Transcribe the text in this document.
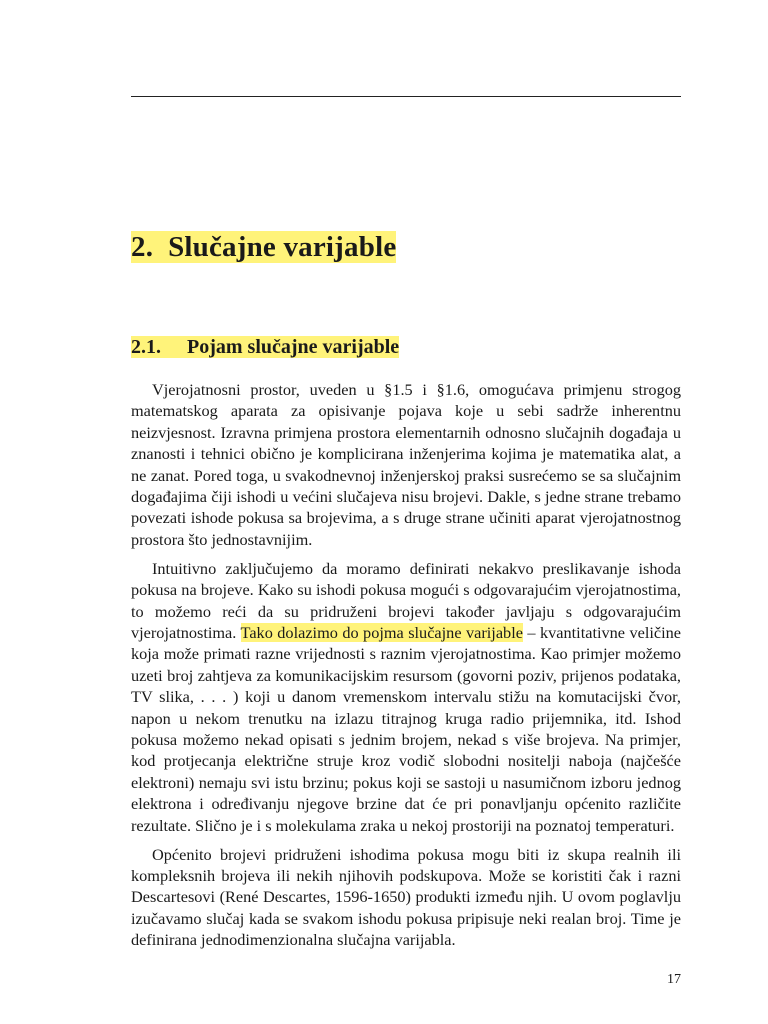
2. Slučajne varijable
2.1. Pojam slučajne varijable

Vjerojatnosni prostor, uveden u §1.5 i §1.6, omogućava primjenu strogog matematskog aparata za opisivanje pojava koje u sebi sadrže inherentnu neizvjesnost. Izravna primjena prostora elementarnih odnosno slučajnih događaja u znanosti i tehnici obično je komplicirana inženjerima kojima je matematika alat, a ne zanat. Pored toga, u svakodnevnoj inženjerskoj praksi susrećemo se sa slučajnim događajima čiji ishodi u većini slučajeva nisu brojevi. Dakle, s jedne strane trebamo povezati ishode pokusa sa brojevima, a s druge strane učiniti aparat vjerojatnostnog prostora što jednostavnijim.

Intuitivno zaključujemo da moramo definirati nekakvo preslikavanje ishoda pokusa na brojeve. Kako su ishodi pokusa mogući s odgovarajućim vjerojatnostima, to možemo reći da su pridruženi brojevi također javljaju s odgovarajućim vjerojatnostima. Tako dolazimo do pojma slučajne varijable – kvantitativne veličine koja može primati razne vrijednosti s raznim vjerojatnostima. Kao primjer možemo uzeti broj zahtjeva za komunikacijskim resursom (govorni poziv, prijenos podataka, TV slika, . . . ) koji u danom vremenskom intervalu stižu na komutacijski čvor, napon u nekom trenutku na izlazu titrajnog kruga radio prijemnika, itd. Ishod pokusa možemo nekad opisati s jednim brojem, nekad s više brojeva. Na primjer, kod protjecanja električne struje kroz vodič slobodni nositelji naboja (najčešće elektroni) nemaju svi istu brzinu; pokus koji se sastoji u nasumičnom izboru jednog elektrona i određivanju njegove brzine dat će pri ponavljanju općenito različite rezultate. Slično je i s molekulama zraka u nekoj prostoriji na poznatoj temperaturi.

Općenito brojevi pridruženi ishodima pokusa mogu biti iz skupa realnih ili kompleksnih brojeva ili nekih njihovih podskupova. Može se koristiti čak i razni Descartesovi (René Descartes, 1596-1650) produkti između njih. U ovom poglavlju izučavamo slučaj kada se svakom ishodu pokusa pripisuje neki realan broj. Time je definirana jednodimenzionalna slučajna varijabla.

17
